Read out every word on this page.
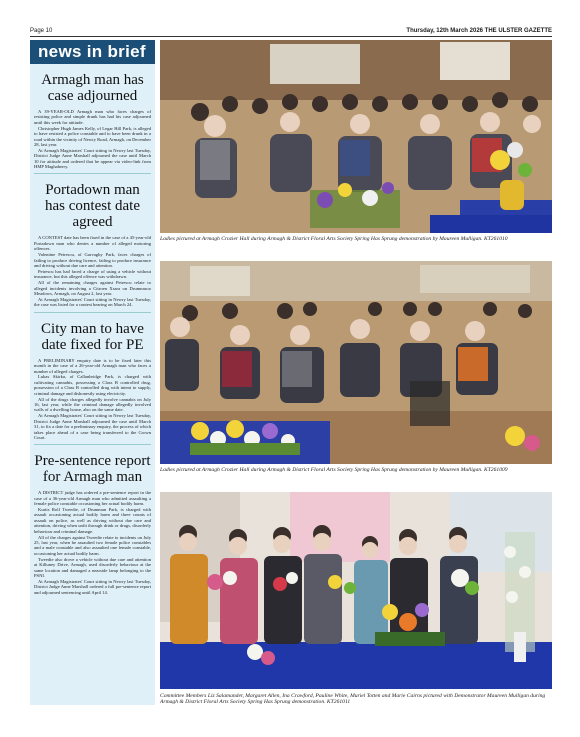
Page 10	Thursday, 12th March 2026 THE ULSTER GAZETTE
news in brief
Armagh man has case adjourned

A 39-YEAR-OLD Armagh man who faces charges of resisting police and simple drunk has had his case adjourned until this week for attitude.

Christopher Hugh James Kelly, of Legar Hill Park, is alleged to have resisted a police constable and to have been drunk in a road within the vicinity of Newry Road, Armagh, on December 28, last year.

At Armagh Magistrates' Court sitting in Newry last Tuesday, District Judge Anne Marshall adjourned the case until March 10 for attitude and ordered that he appear via video-link from HMP Maghaberry.

Portadown man has contest date agreed

A CONTEST date has been fixed in the case of a 45-year-old Portadown man who denies a number of alleged motoring offences.

Valentine Petrescu, of Garvaghy Park, faces charges of failing to produce driving licence, failing to produce insurance and driving without due care and attention.

Petrescu has had faced a charge of using a vehicle without insurance, but this alleged offence was withdrawn.

All of the remaining charges against Petrescu relate to alleged incidents involving a Citroen Xsara on Drumnasoo Meadows, Armagh, on August 2, last year.

At Armagh Magistrates' Court sitting in Newry last Tuesday, the case was listed for a contest hearing on March 24.

City man to have date fixed for PE

A PRELIMINARY enquiry date is to be fixed later this month in the case of a 26-year-old Armagh man who faces a number of alleged charges.

Lukas Skirka, of Callanbridge Park, is charged with cultivating cannabis, possessing a Class B controlled drug, possession of a Class B controlled drug with intent to supply, criminal damage and dishonestly using electricity.

All of the drugs charges allegedly involve cannabis on July 16, last year, while the criminal damage allegedly involved walls of a dwelling house, also on the same date.

At Armagh Magistrates' Court sitting in Newry last Tuesday, District Judge Anne Marshall adjourned the case until March 31, to fix a date for a preliminary enquiry, the process of which takes place ahead of a case being transferred to the Crown Court.

Pre-sentence report for Armagh man

A DISTRICT judge has ordered a pre-sentence report in the case of a 36-year-old Armagh man who admitted assaulting a female police constable occasioning her actual bodily harm.

Kurtis Rolf Tweedie, of Drumman Park, is charged with assault occasioning actual bodily harm and three counts of assault on police, as well as driving without due care and attention, driving when unfit through drink or drugs, disorderly behaviour and criminal damage.

All of the charges against Tweedie relate to incidents on July 25, last year, when he assaulted two female police constables and a male constable and also assaulted one female constable, occasioning her actual bodily harm.

Tweedie also drove a vehicle without due care and attention at Killuney Drive, Armagh, used disorderly behaviour at the same location and damaged a nearside lamp belonging to the PSNI.

At Armagh Magistrates' Court sitting in Newry last Tuesday, District Judge Anne Marshall ordered a full pre-sentence report and adjourned sentencing until April 14.

Ladies pictured at Armagh Crozier Hall during Armagh & District Floral Arts Society Spring Has Sprung demonstration by Maureen Mulligan. KT261010
Ladies pictured at Armagh Crozier Hall during Armagh & District Floral Arts Society Spring Has Sprung demonstration by Maureen Mulligan. KT261009
Committee Members Liz Salamander, Margaret Allen, Ina Crawford, Pauline White, Muriel Totten and Marie Cairns pictured with Demonstrator Maureen Mulligan during Armagh & District Floral Arts Society Spring Has Sprung demonstration. KT261011
